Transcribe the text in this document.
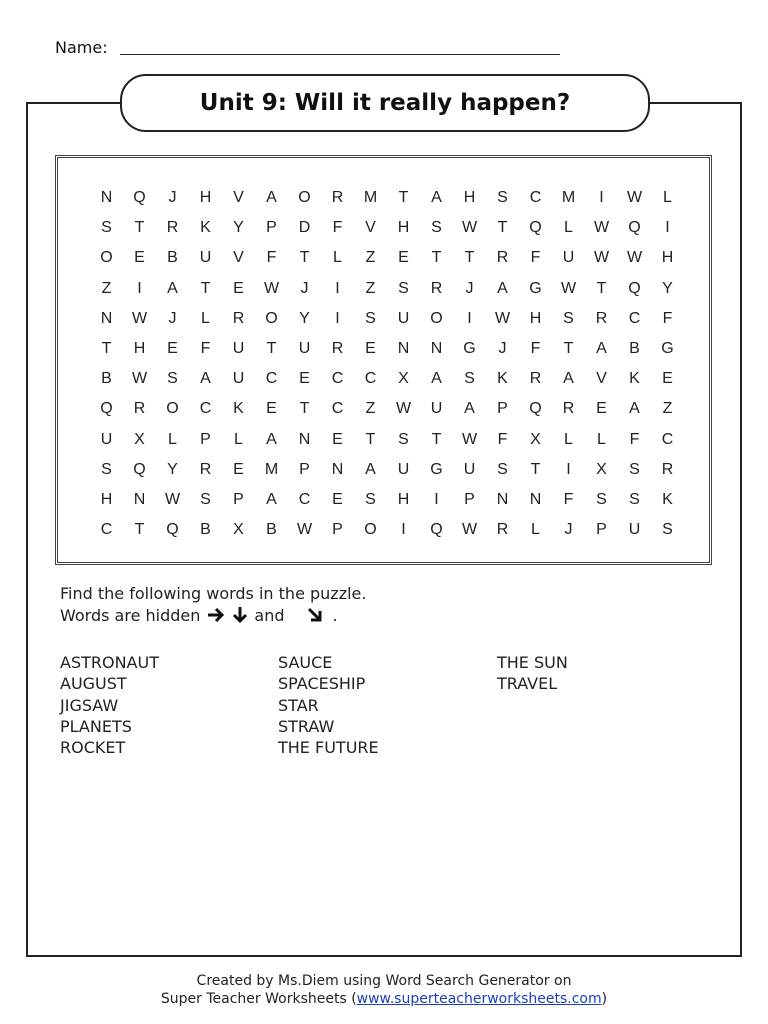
Name:
Unit 9: Will it really happen?
N	Q	J	H	V	A	O	R	M	T	A	H	S	C	M	I	W	L
S	T	R	K	Y	P	D	F	V	H	S	W	T	Q	L	W	Q	I
O	E	B	U	V	F	T	L	Z	E	T	T	R	F	U	W	W	H
Z	I	A	T	E	W	J	I	Z	S	R	J	A	G	W	T	Q	Y
N	W	J	L	R	O	Y	I	S	U	O	I	W	H	S	R	C	F
T	H	E	F	U	T	U	R	E	N	N	G	J	F	T	A	B	G
B	W	S	A	U	C	E	C	C	X	A	S	K	R	A	V	K	E
Q	R	O	C	K	E	T	C	Z	W	U	A	P	Q	R	E	A	Z
U	X	L	P	L	A	N	E	T	S	T	W	F	X	L	L	F	C
S	Q	Y	R	E	M	P	N	A	U	G	U	S	T	I	X	S	R
H	N	W	S	P	A	C	E	S	H	I	P	N	N	F	S	S	K
C	T	Q	B	X	B	W	P	O	I	Q	W	R	L	J	P	U	S
Find the following words in the puzzle.
Words are hidden	and	.
ASTRONAUT
AUGUST
JIGSAW
PLANETS
ROCKET
SAUCE
SPACESHIP
STAR
STRAW
THE FUTURE
THE SUN
TRAVEL
Created by Ms.Diem using Word Search Generator on
Super Teacher Worksheets (www.superteacherworksheets.com)
